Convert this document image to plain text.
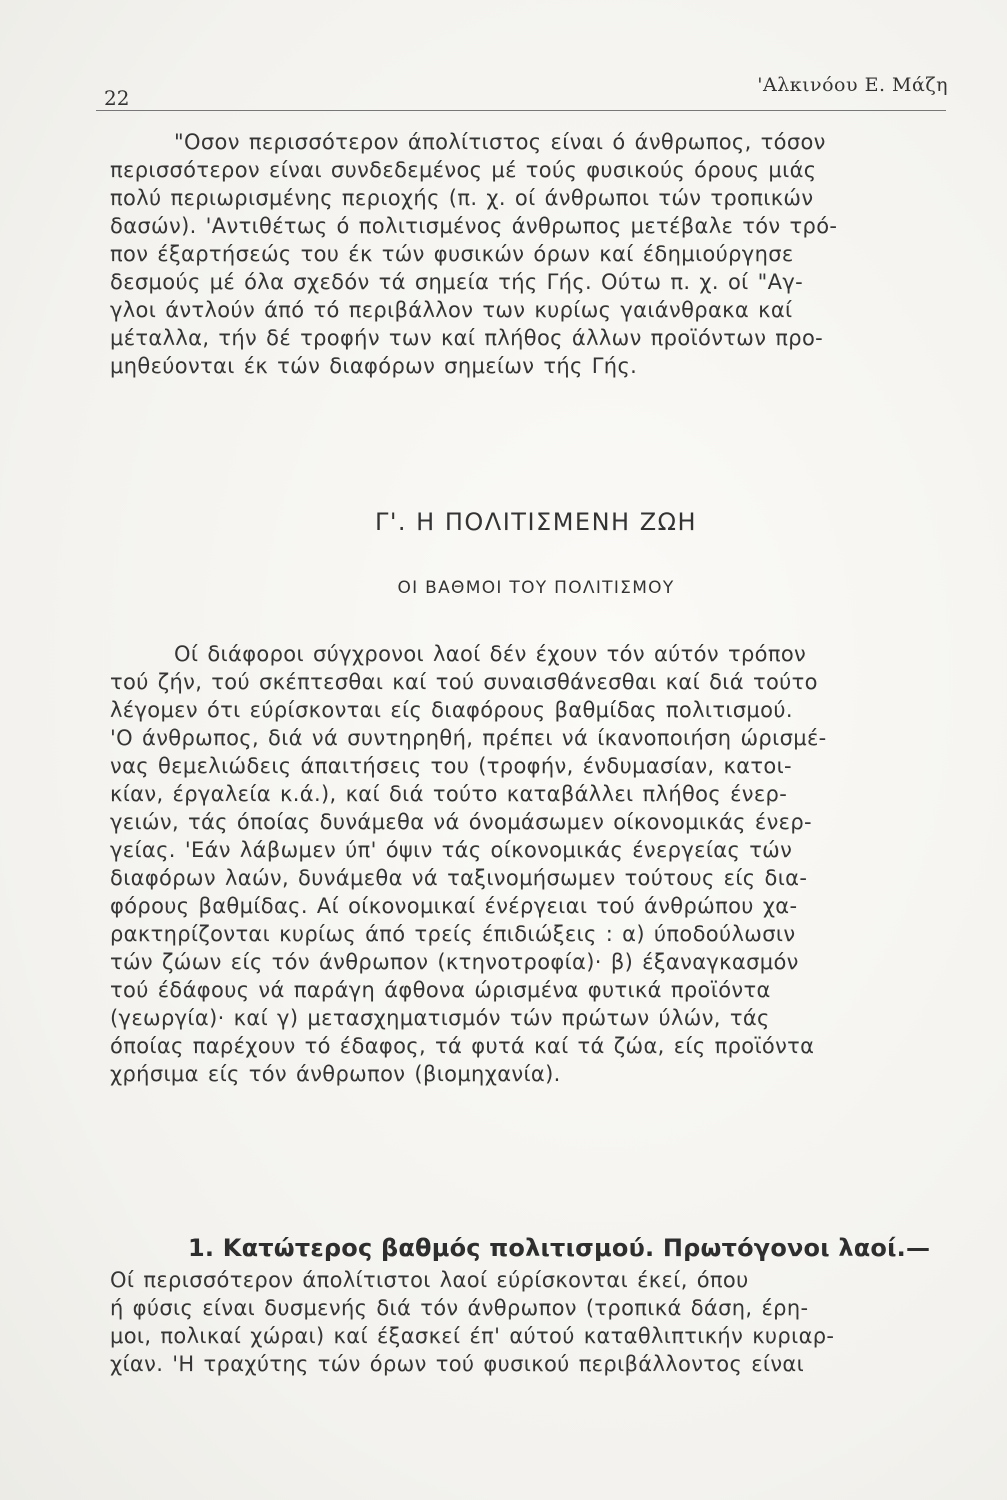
22
'Αλκινόου Ε. Μάζη
"Οσον περισσότερον άπολίτιστος είναι ό άνθρωπος, τόσον
περισσότερον είναι συνδεδεμένος μέ τούς φυσικούς όρους μιάς
πολύ περιωρισμένης περιοχής (π. χ. οί άνθρωποι τών τροπικών
δασών). 'Αντιθέτως ό πολιτισμένος άνθρωπος μετέβαλε τόν τρό-
πον έξαρτήσεώς του έκ τών φυσικών όρων καί έδημιούργησε
δεσμούς μέ όλα σχεδόν τά σημεία τής Γής. Ούτω π. χ. οί "Αγ-
γλοι άντλούν άπό τό περιβάλλον των κυρίως γαιάνθρακα καί
μέταλλα, τήν δέ τροφήν των καί πλήθος άλλων προϊόντων προ-
μηθεύονται έκ τών διαφόρων σημείων τής Γής.
Γ'. Η ΠΟΛΙΤΙΣΜΕΝΗ ΖΩΗ
ΟΙ ΒΑΘΜΟΙ ΤΟΥ ΠΟΛΙΤΙΣΜΟΥ
Οί διάφοροι σύγχρονοι λαοί δέν έχουν τόν αύτόν τρόπον
τού ζήν, τού σκέπτεσθαι καί τού συναισθάνεσθαι καί διά τούτο
λέγομεν ότι εύρίσκονται είς διαφόρους βαθμίδας πολιτισμού.
'Ο άνθρωπος, διά νά συντηρηθή, πρέπει νά ίκανοποιήση ώρισμέ-
νας θεμελιώδεις άπαιτήσεις του (τροφήν, ένδυμασίαν, κατοι-
κίαν, έργαλεία κ.ά.), καί διά τούτο καταβάλλει πλήθος ένερ-
γειών, τάς όποίας δυνάμεθα νά όνομάσωμεν οίκονομικάς ένερ-
γείας. 'Εάν λάβωμεν ύπ' όψιν τάς οίκονομικάς ένεργείας τών
διαφόρων λαών, δυνάμεθα νά ταξινομήσωμεν τούτους είς δια-
φόρους βαθμίδας. Αί οίκονομικαί ένέργειαι τού άνθρώπου χα-
ρακτηρίζονται κυρίως άπό τρείς έπιδιώξεις : α) ύποδούλωσιν
τών ζώων είς τόν άνθρωπον (κτηνοτροφία)· β) έξαναγκασμόν
τού έδάφους νά παράγη άφθονα ώρισμένα φυτικά προϊόντα
(γεωργία)· καί γ) μετασχηματισμόν τών πρώτων ύλών, τάς
όποίας παρέχουν τό έδαφος, τά φυτά καί τά ζώα, είς προϊόντα
χρήσιμα είς τόν άνθρωπον (βιομηχανία).
1. Κατώτερος βαθμός πολιτισμού. Πρωτόγονοι λαοί.—
Οί περισσότερον άπολίτιστοι λαοί εύρίσκονται έκεί, όπου
ή φύσις είναι δυσμενής διά τόν άνθρωπον (τροπικά δάση, έρη-
μοι, πολικαί χώραι) καί έξασκεί έπ' αύτού καταθλιπτικήν κυριαρ-
χίαν. 'Η τραχύτης τών όρων τού φυσικού περιβάλλοντος είναι
